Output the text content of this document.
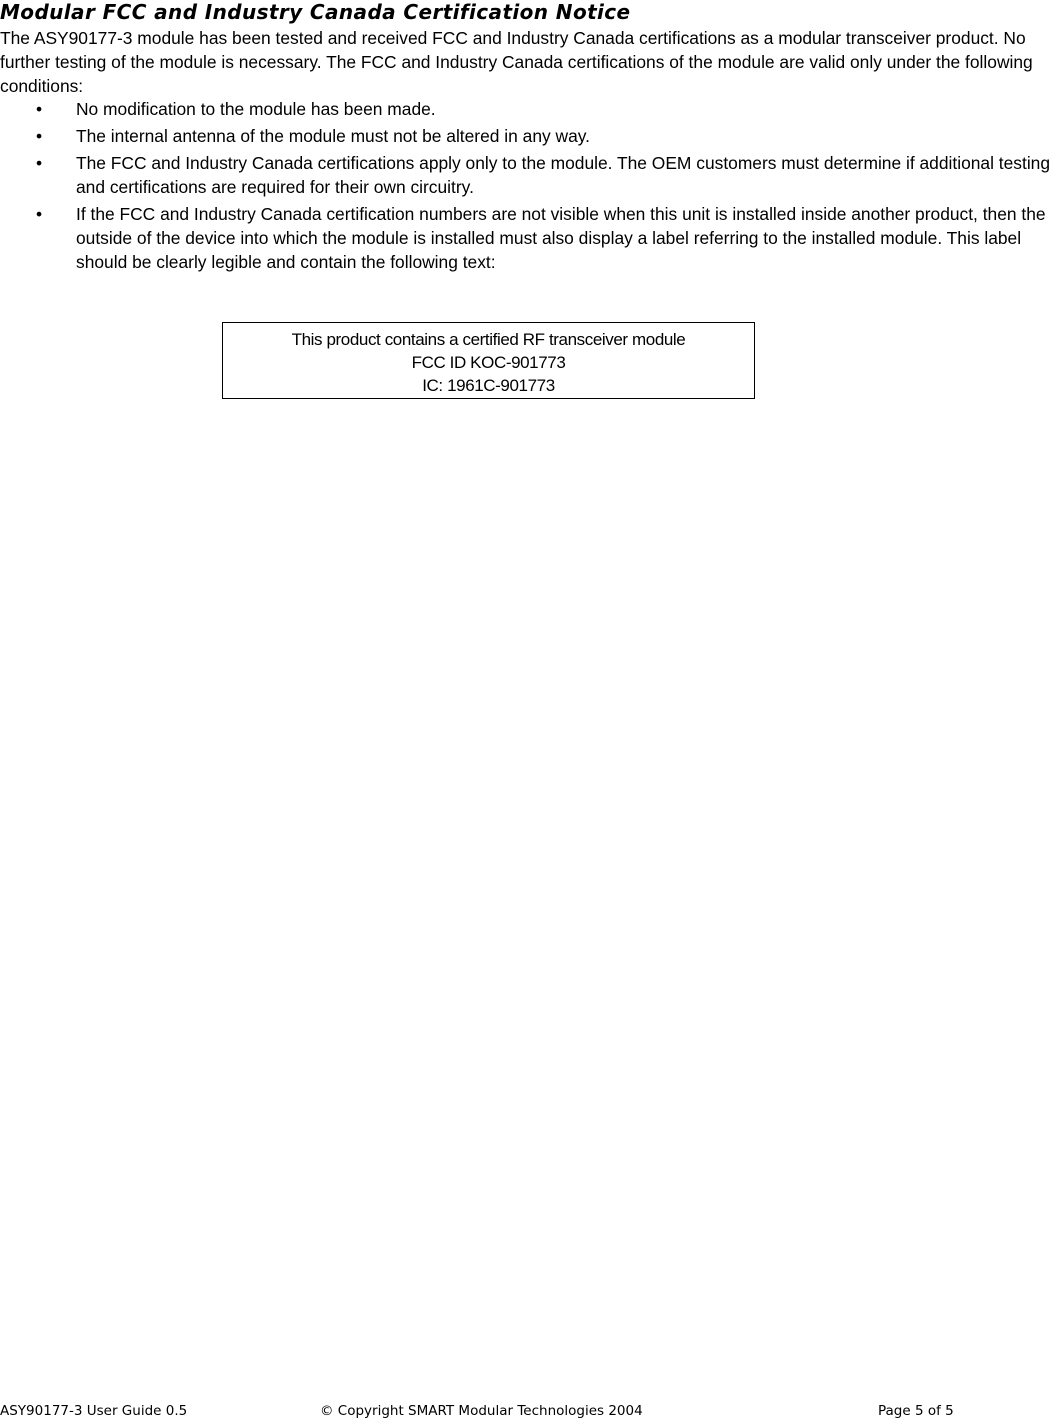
Modular FCC and Industry Canada Certification Notice

The ASY90177-3 module has been tested and received FCC and Industry Canada certifications as a modular transceiver product. No further testing of the module is necessary. The FCC and Industry Canada certifications of the module are valid only under the following conditions:

• No modification to the module has been made.
• The internal antenna of the module must not be altered in any way.
• The FCC and Industry Canada certifications apply only to the module. The OEM customers must determine if additional testing and certifications are required for their own circuitry.
• If the FCC and Industry Canada certification numbers are not visible when this unit is installed inside another product, then the outside of the device into which the module is installed must also display a label referring to the installed module. This label should be clearly legible and contain the following text:
This product contains a certified RF transceiver module
FCC ID KOC-901773
IC: 1961C-901773
ASY90177-3 User Guide 0.5	© Copyright SMART Modular Technologies 2004	Page 5 of 5
